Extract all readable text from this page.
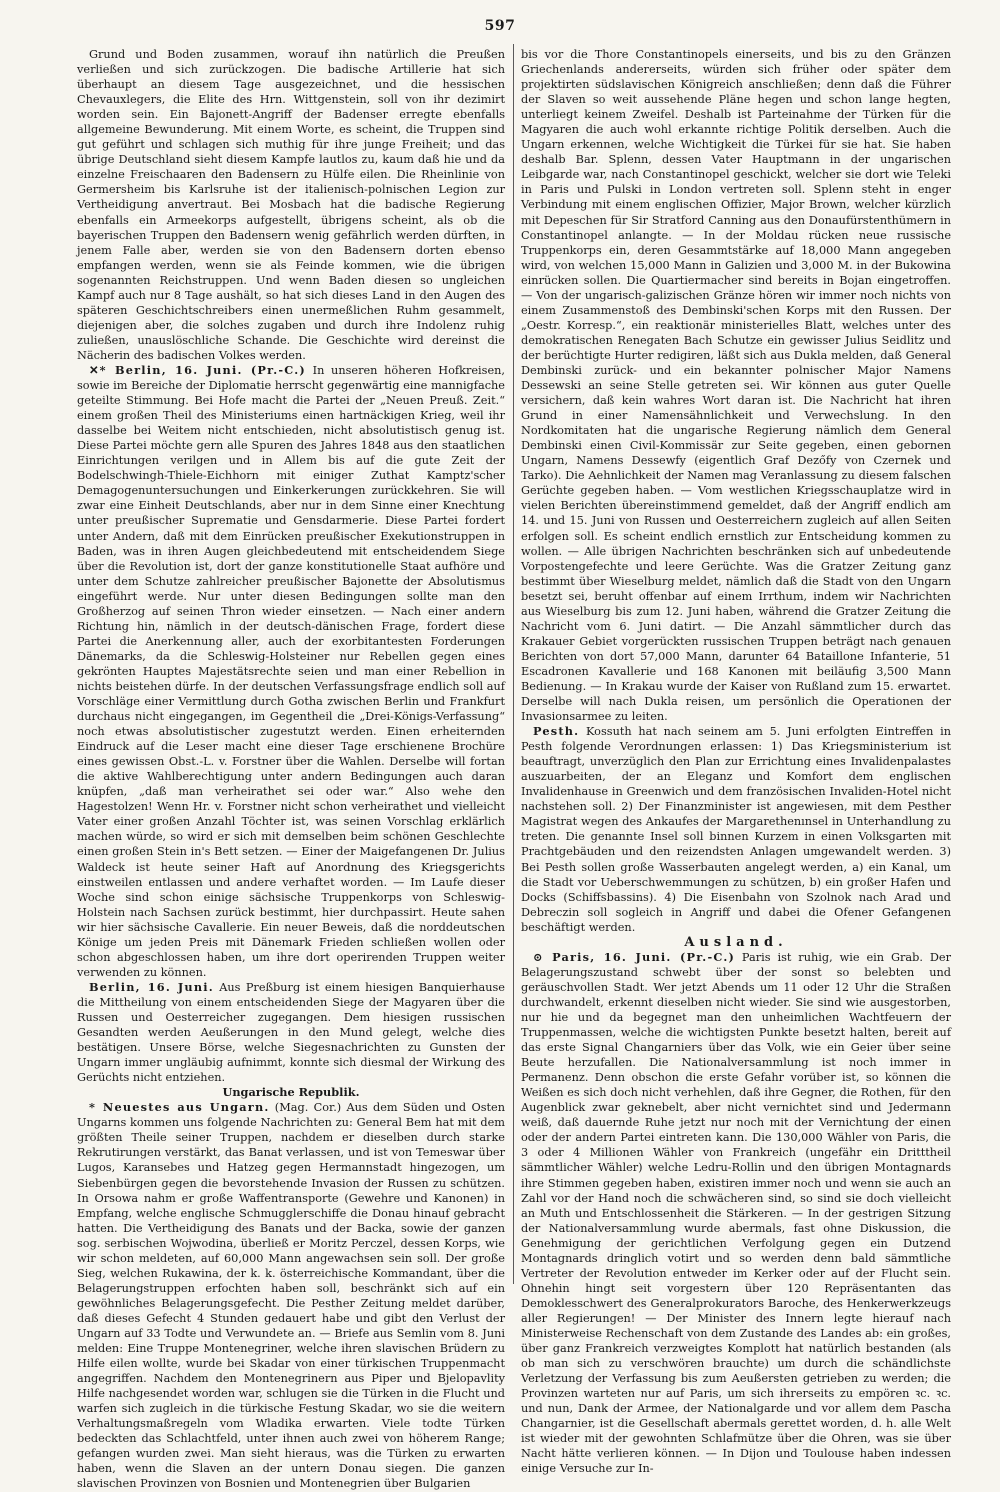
597

Grund und Boden zusammen, worauf ihn natürlich die Preußen verließen und sich zurückzogen. Die badische Artillerie hat sich überhaupt an diesem Tage ausgezeichnet, und die hessischen Chevauxlegers, die Elite des Hrn. Wittgenstein, soll von ihr dezimirt worden sein. Ein Bajonett-Angriff der Badenser erregte ebenfalls allgemeine Bewunderung. Mit einem Worte, es scheint, die Truppen sind gut geführt und schlagen sich muthig für ihre junge Freiheit; und das übrige Deutschland sieht diesem Kampfe lautlos zu, kaum daß hie und da einzelne Freischaaren den Badensern zu Hülfe eilen. Die Rheinlinie von Germersheim bis Karlsruhe ist der italienisch-polnischen Legion zur Vertheidigung anvertraut. Bei Mosbach hat die badische Regierung ebenfalls ein Armeekorps aufgestellt, übrigens scheint, als ob die bayerischen Truppen den Badensern wenig gefährlich werden dürften, in jenem Falle aber, werden sie von den Badensern dorten ebenso empfangen werden, wenn sie als Feinde kommen, wie die übrigen sogenannten Reichstruppen. Und wenn Baden diesen so ungleichen Kampf auch nur 8 Tage aushält, so hat sich dieses Land in den Augen des späteren Geschichtschreibers einen unermeßlichen Ruhm gesammelt, diejenigen aber, die solches zugaben und durch ihre Indolenz ruhig zuließen, unauslöschliche Schande. Die Geschichte wird dereinst die Nächerin des badischen Volkes werden.

✕* Berlin, 16. Juni. (Pr.-C.) In unseren höheren Hofkreisen, sowie im Bereiche der Diplomatie herrscht gegenwärtig eine mannigfache geteilte Stimmung. Bei Hofe macht die Partei der „Neuen Preuß. Zeit.“ einem großen Theil des Ministeriums einen hartnäckigen Krieg, weil ihr dasselbe bei Weitem nicht entschieden, nicht absolutistisch genug ist. Diese Partei möchte gern alle Spuren des Jahres 1848 aus den staatlichen Einrichtungen verilgen und in Allem bis auf die gute Zeit der Bodelschwingh-Thiele-Eichhorn mit einiger Zuthat Kamptz'scher Demagogenuntersuchungen und Einkerkerungen zurückkehren. Sie will zwar eine Einheit Deutschlands, aber nur in dem Sinne einer Knechtung unter preußischer Suprematie und Gensdarmerie. Diese Partei fordert unter Andern, daß mit dem Einrücken preußischer Exekutionstruppen in Baden, was in ihren Augen gleichbedeutend mit entscheidendem Siege über die Revolution ist, dort der ganze konstitutionelle Staat aufhöre und unter dem Schutze zahlreicher preußischer Bajonette der Absolutismus eingeführt werde. Nur unter diesen Bedingungen sollte man den Großherzog auf seinen Thron wieder einsetzen. — Nach einer andern Richtung hin, nämlich in der deutsch-dänischen Frage, fordert diese Partei die Anerkennung aller, auch der exorbitantesten Forderungen Dänemarks, da die Schleswig-Holsteiner nur Rebellen gegen eines gekrönten Hauptes Majestätsrechte seien und man einer Rebellion in nichts beistehen dürfe. In der deutschen Verfassungsfrage endlich soll auf Vorschläge einer Vermittlung durch Gotha zwischen Berlin und Frankfurt durchaus nicht eingegangen, im Gegentheil die „Drei-Königs-Verfassung“ noch etwas absolutistischer zugestutzt werden. Einen erheiternden Eindruck auf die Leser macht eine dieser Tage erschienene Brochüre eines gewissen Obst.-L. v. Forstner über die Wahlen. Derselbe will fortan die aktive Wahlberechtigung unter andern Bedingungen auch daran knüpfen, „daß man verheirathet sei oder war.“ Also wehe den Hagestolzen! Wenn Hr. v. Forstner nicht schon verheirathet und vielleicht Vater einer großen Anzahl Töchter ist, was seinen Vorschlag erklärlich machen würde, so wird er sich mit demselben beim schönen Geschlechte einen großen Stein in's Bett setzen. — Einer der Maigefangenen Dr. Julius Waldeck ist heute seiner Haft auf Anordnung des Kriegsgerichts einstweilen entlassen und andere verhaftet worden. — Im Laufe dieser Woche sind schon einige sächsische Truppenkorps von Schleswig-Holstein nach Sachsen zurück bestimmt, hier durchpassirt. Heute sahen wir hier sächsische Cavallerie. Ein neuer Beweis, daß die norddeutschen Könige um jeden Preis mit Dänemark Frieden schließen wollen oder schon abgeschlossen haben, um ihre dort operirenden Truppen weiter verwenden zu können.

Berlin, 16. Juni. Aus Preßburg ist einem hiesigen Banquierhause die Mittheilung von einem entscheidenden Siege der Magyaren über die Russen und Oesterreicher zugegangen. Dem hiesigen russischen Gesandten werden Aeußerungen in den Mund gelegt, welche dies bestätigen. Unsere Börse, welche Siegesnachrichten zu Gunsten der Ungarn immer ungläubig aufnimmt, konnte sich diesmal der Wirkung des Gerüchts nicht entziehen.

Ungarische Republik.

* Neuestes aus Ungarn. (Mag. Cor.) Aus dem Süden und Osten Ungarns kommen uns folgende Nachrichten zu: General Bem hat mit dem größten Theile seiner Truppen, nachdem er dieselben durch starke Rekrutirungen verstärkt, das Banat verlassen, und ist von Temeswar über Lugos, Karansebes und Hatzeg gegen Hermannstadt hingezogen, um Siebenbürgen gegen die bevorstehende Invasion der Russen zu schützen. In Orsowa nahm er große Waffentransporte (Gewehre und Kanonen) in Empfang, welche englische Schmugglerschiffe die Donau hinauf gebracht hatten. Die Vertheidigung des Banats und der Backa, sowie der ganzen sog. serbischen Wojwodina, überließ er Moritz Perczel, dessen Korps, wie wir schon meldeten, auf 60,000 Mann angewachsen sein soll. Der große Sieg, welchen Rukawina, der k. k. österreichische Kommandant, über die Belagerungstruppen erfochten haben soll, beschränkt sich auf ein gewöhnliches Belagerungsgefecht. Die Pesther Zeitung meldet darüber, daß dieses Gefecht 4 Stunden gedauert habe und gibt den Verlust der Ungarn auf 33 Todte und Verwundete an. — Briefe aus Semlin vom 8. Juni melden: Eine Truppe Montenegriner, welche ihren slavischen Brüdern zu Hilfe eilen wollte, wurde bei Skadar von einer türkischen Truppenmacht angegriffen. Nachdem den Montenegrinern aus Piper und Bjelopavlity Hilfe nachgesendet worden war, schlugen sie die Türken in die Flucht und warfen sich zugleich in die türkische Festung Skadar, wo sie die weitern Verhaltungsmaßregeln vom Wladika erwarten. Viele todte Türken bedeckten das Schlachtfeld, unter ihnen auch zwei von höherem Range; gefangen wurden zwei. Man sieht hieraus, was die Türken zu erwarten haben, wenn die Slaven an der untern Donau siegen. Die ganzen slavischen Provinzen von Bosnien und Montenegrien über Bulgarien

bis vor die Thore Constantinopels einerseits, und bis zu den Gränzen Griechenlands andererseits, würden sich früher oder später dem projektirten südslavischen Königreich anschließen; denn daß die Führer der Slaven so weit aussehende Pläne hegen und schon lange hegten, unterliegt keinem Zweifel. Deshalb ist Parteinahme der Türken für die Magyaren die auch wohl erkannte richtige Politik derselben. Auch die Ungarn erkennen, welche Wichtigkeit die Türkei für sie hat. Sie haben deshalb Bar. Splenn, dessen Vater Hauptmann in der ungarischen Leibgarde war, nach Constantinopel geschickt, welcher sie dort wie Teleki in Paris und Pulski in London vertreten soll. Splenn steht in enger Verbindung mit einem englischen Offizier, Major Brown, welcher kürzlich mit Depeschen für Sir Stratford Canning aus den Donaufürstenthümern in Constantinopel anlangte. — In der Moldau rücken neue russische Truppenkorps ein, deren Gesammtstärke auf 18,000 Mann angegeben wird, von welchen 15,000 Mann in Galizien und 3,000 M. in der Bukowina einrücken sollen. Die Quartiermacher sind bereits in Bojan eingetroffen. — Von der ungarisch-galizischen Gränze hören wir immer noch nichts von einem Zusammenstoß des Dembinski'schen Korps mit den Russen. Der „Oestr. Korresp.“, ein reaktionär ministerielles Blatt, welches unter des demokratischen Renegaten Bach Schutze ein gewisser Julius Seidlitz und der berüchtigte Hurter redigiren, läßt sich aus Dukla melden, daß General Dembinski zurück- und ein bekannter polnischer Major Namens Dessewski an seine Stelle getreten sei. Wir können aus guter Quelle versichern, daß kein wahres Wort daran ist. Die Nachricht hat ihren Grund in einer Namensähnlichkeit und Verwechslung. In den Nordkomitaten hat die ungarische Regierung nämlich dem General Dembinski einen Civil-Kommissär zur Seite gegeben, einen gebornen Ungarn, Namens Dessewfy (eigentlich Graf Dezőfy von Czernek und Tarko). Die Aehnlichkeit der Namen mag Veranlassung zu diesem falschen Gerüchte gegeben haben. — Vom westlichen Kriegsschauplatze wird in vielen Berichten übereinstimmend gemeldet, daß der Angriff endlich am 14. und 15. Juni von Russen und Oesterreichern zugleich auf allen Seiten erfolgen soll. Es scheint endlich ernstlich zur Entscheidung kommen zu wollen. — Alle übrigen Nachrichten beschränken sich auf unbedeutende Vorpostengefechte und leere Gerüchte. Was die Gratzer Zeitung ganz bestimmt über Wieselburg meldet, nämlich daß die Stadt von den Ungarn besetzt sei, beruht offenbar auf einem Irrthum, indem wir Nachrichten aus Wieselburg bis zum 12. Juni haben, während die Gratzer Zeitung die Nachricht vom 6. Juni datirt. — Die Anzahl sämmtlicher durch das Krakauer Gebiet vorgerückten russischen Truppen beträgt nach genauen Berichten von dort 57,000 Mann, darunter 64 Bataillone Infanterie, 51 Escadronen Kavallerie und 168 Kanonen mit beiläufig 3,500 Mann Bedienung. — In Krakau wurde der Kaiser von Rußland zum 15. erwartet. Derselbe will nach Dukla reisen, um persönlich die Operationen der Invasionsarmee zu leiten.

Pesth. Kossuth hat nach seinem am 5. Juni erfolgten Eintreffen in Pesth folgende Verordnungen erlassen: 1) Das Kriegsministerium ist beauftragt, unverzüglich den Plan zur Errichtung eines Invalidenpalastes auszuarbeiten, der an Eleganz und Komfort dem englischen Invalidenhause in Greenwich und dem französischen Invaliden-Hotel nicht nachstehen soll. 2) Der Finanzminister ist angewiesen, mit dem Pesther Magistrat wegen des Ankaufes der Margarethenınsel in Unterhandlung zu treten. Die genannte Insel soll binnen Kurzem in einen Volksgarten mit Prachtgebäuden und den reizendsten Anlagen umgewandelt werden. 3) Bei Pesth sollen große Wasserbauten angelegt werden, a) ein Kanal, um die Stadt vor Ueberschwemmungen zu schützen, b) ein großer Hafen und Docks (Schiffsbassins). 4) Die Eisenbahn von Szolnok nach Arad und Debreczin soll sogleich in Angriff und dabei die Ofener Gefangenen beschäftigt werden.

Ausland.

⊙ Paris, 16. Juni. (Pr.-C.) Paris ist ruhig, wie ein Grab. Der Belagerungszustand schwebt über der sonst so belebten und geräuschvollen Stadt. Wer jetzt Abends um 11 oder 12 Uhr die Straßen durchwandelt, erkennt dieselben nicht wieder. Sie sind wie ausgestorben, nur hie und da begegnet man den unheimlichen Wachtfeuern der Truppenmassen, welche die wichtigsten Punkte besetzt halten, bereit auf das erste Signal Changarniers über das Volk, wie ein Geier über seine Beute herzufallen. Die Nationalversammlung ist noch immer in Permanenz. Denn obschon die erste Gefahr vorüber ist, so können die Weißen es sich doch nicht verhehlen, daß ihre Gegner, die Rothen, für den Augenblick zwar geknebelt, aber nicht vernichtet sind und Jedermann weiß, daß dauernde Ruhe jetzt nur noch mit der Vernichtung der einen oder der andern Partei eintreten kann. Die 130,000 Wähler von Paris, die 3 oder 4 Millionen Wähler von Frankreich (ungefähr ein Dritttheil sämmtlicher Wähler) welche Ledru-Rollin und den übrigen Montagnards ihre Stimmen gegeben haben, existiren immer noch und wenn sie auch an Zahl vor der Hand noch die schwächeren sind, so sind sie doch vielleicht an Muth und Entschlossenheit die Stärkeren. — In der gestrigen Sitzung der Nationalversammlung wurde abermals, fast ohne Diskussion, die Genehmigung der gerichtlichen Verfolgung gegen ein Dutzend Montagnards dringlich votirt und so werden denn bald sämmtliche Vertreter der Revolution entweder im Kerker oder auf der Flucht sein. Ohnehin hingt seit vorgestern über 120 Repräsentanten das Demoklesschwert des Generalprokurators Baroche, des Henkerwerkzeugs aller Regierungen! — Der Minister des Innern legte hierauf nach Ministerweise Rechenschaft von dem Zustande des Landes ab: ein großes, über ganz Frankreich verzweigtes Komplott hat natürlich bestanden (als ob man sich zu verschwören brauchte) um durch die schändlichste Verletzung der Verfassung bis zum Aeußersten getrieben zu werden; die Provinzen warteten nur auf Paris, um sich ihrerseits zu empören ꝛc. ꝛc. und nun, Dank der Armee, der Nationalgarde und vor allem dem Pascha Changarnier, ist die Gesellschaft abermals gerettet worden, d. h. alle Welt ist wieder mit der gewohnten Schlafmütze über die Ohren, was sie über Nacht hätte verlieren können. — In Dijon und Toulouse haben indessen einige Versuche zur In-
